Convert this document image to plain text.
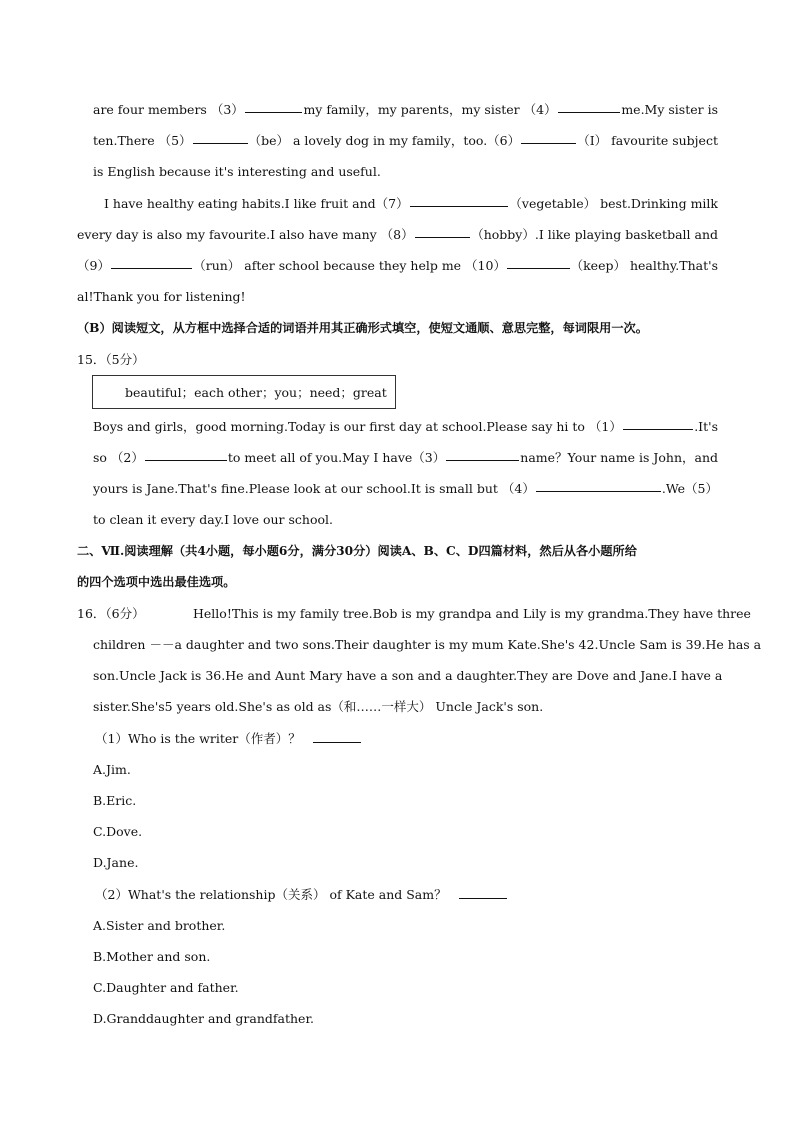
are four members （3）	my family，my parents，my sister （4）	me.My sister is
ten.There （5）	（be） a lovely dog in my family，too.（6）	（I） favourite subject
is English because it's interesting and useful.
I have healthy eating habits.I like fruit and（7）	（vegetable） best.Drinking milk
every day is also my favourite.I also have many （8）	（hobby）.I like playing basketball and
（9）	（run） after school because they help me （10）	（keep） healthy.That's
al!Thank you for listening!
（B）阅读短文，从方框中选择合适的词语并用其正确形式填空，使短文通顺、意思完整，每词限用一次。
15．（5分）
beautiful；each other；you；need；great
Boys and girls，good morning.Today is our first day at school.Please say hi to （1）	.It's
so （2）	to meet all of you.May I have（3）	name？Your name is John，and
yours is Jane.That's fine.Please look at our school.It is small but （4）	.We（5）
to clean it every day.I love our school.
二、Ⅶ.阅读理解（共4小题，每小题6分，满分30分）阅读A、B、C、D四篇材料，然后从各小题所给
的四个选项中选出最佳选项。
16．（6分）	Hello!This is my family tree.Bob is my grandpa and Lily is my grandma.They have three
children －－a daughter and two sons.Their daughter is my mum Kate.She's 42.Uncle Sam is 39.He has a
son.Uncle Jack is 36.He and Aunt Mary have a son and a daughter.They are Dove and Jane.I have a
sister.She's5 years old.She's as old as（和……一样大） Uncle Jack's son.
（1）Who is the writer（作者）？
A.Jim.
B.Eric.
C.Dove.
D.Jane.
（2）What's the relationship（关系） of Kate and Sam？
A.Sister and brother.
B.Mother and son.
C.Daughter and father.
D.Granddaughter and grandfather.
